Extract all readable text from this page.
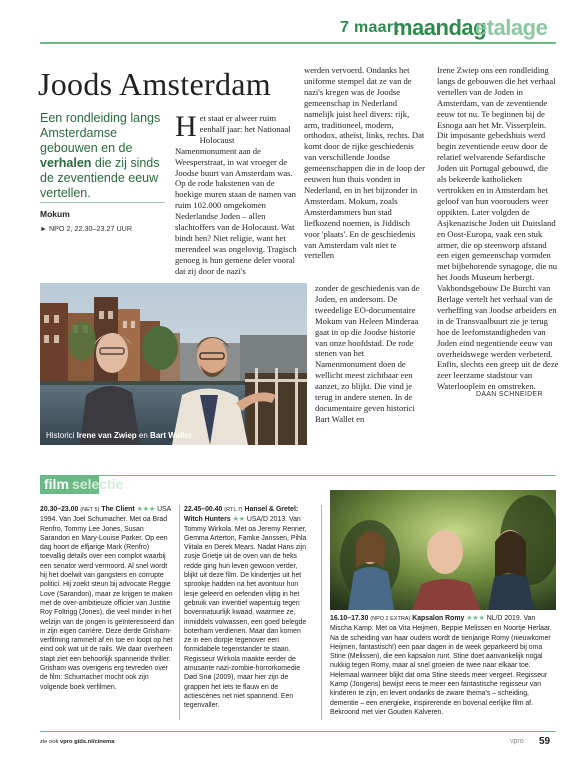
7 maart
maandag
etalage
Joods Amsterdam
Een rondleiding langs Amsterdamse gebouwen en de verhalen die zij sinds de zeventiende eeuw vertellen.
Mokum
► NPO 2, 22.30–23.27 UUR
Het staat er alweer ruim eenhalf jaar: het Nationaal Holocaust Namenmonument aan de Weesperstraat, in wat vroeger de Joodse buurt van Amsterdam was. Op de rode bakstenen van de hoekige muren staan de namen van ruim 102.000 omgekomen Nederlandse Joden – allen slachtoffers van de Holocaust. Wat bindt hen? Niet religie, want het merendeel was ongelovig. Tragisch genoeg is hun gemene deler vooral dat zij door de nazi's
werden vervoerd. Ondanks het uniforme stempel dat ze van de nazi's kregen was de Joodse gemeenschap in Nederland namelijk juist heel divers: rijk, arm, traditioneel, modern, orthodox, atheïst, links, rechts. Dat komt door de rijke geschiedenis van verschillende Joodse gemeenschappen die in de loop der eeuwen hun thuis vonden in Nederland, en in het bijzonder in Amsterdam. Mokum, zoals Amsterdammers hun stad liefkozend noemen, is Jiddisch voor 'plaats'. En de geschiedenis van Amsterdam valt niet te vertellen
zonder de geschiedenis van de Joden, en andersom. De tweedelige EO-documentaire Mokum van Heleen Minderaa gaat in op die Joodse historie van onze hoofdstad. De rode stenen van het Namenmonument doen de wellicht meest zichtbaar een aanzet, zo blijkt. Die vind je terug in andere stenen. In de documentaire geven historici Bart Wallet en
Irene Zwiep ons een rondleiding langs de gebouwen die het verhaal vertellen van de Joden in Amsterdam, van de zeventiende eeuw tot nu. Te beginnen bij de Esnoga aan het Mr. Visserplein. Dit imposante gebedshuis werd begin zeventiende eeuw door de relatief welvarende Sefardische Joden uit Portugal gebouwd, die als bekeerde katholieken vertrokken en in Amsterdam het geloof van hun voorouders weer oppikten. Later volgden de Asjkenazische Joden uit Duitsland en Oost-Europa, vaak een stuk armer, die op steenworp afstand een eigen gemeenschap vormden met bijbehorende synagoge, die nu het Joods Museum herbergt. Vakbondsgebouw De Burcht van Berlage vertelt het verhaal van de verheffing van Joodse arbeiders en in de Transvaalbuurt zie je terug hoe de leefomstandigheden van Joden eind negentiende eeuw van overheidswege werden verbeterd. Enfin, slechts een greep uit de deze zeer leerzame stadstour van Waterlooplein en omstreken.
DAAN SCHNEIDER
Historici Irene van Zwiep en Bart Wallet
film selectie
20.30–23.00 (NET 5) The Client ★★★ USA 1994. Van Joel Schumacher. Met oa Brad Renfro, Tommy Lee Jones, Susan Sarandon en Mary-Louise Parker. Op een dag hoort de elfjarige Mark (Renfro) toevallig details over een complot waarbij een senator werd vermoord. Al snel wordt hij het doelwit van gangsters en corrupte politici. Hij zoekt steun bij advocate Reggie Love (Sarandon), maar ze krijgen te maken met de over-ambitieuze officier van Justitie Roy Foltrigg (Jones), die veel minder in het welzijn van de jongen is geïnteresseerd dan in zijn eigen carrière. Deze derde Grisham-verfilming rammelt af en toe en loopt op het eind ook wat uit de rails. We daar overheen stapt ziet een behoorlijk spannende thriller. Grisham was overigens erg tevreden over de film: Schumacher mocht ook zijn volgende boek verfilmen.
22.45–00.40 (RTL 7) Hansel & Gretel: Witch Hunters ★★ USA/D 2013. Van Tommy Wirkola. Met oa Jeremy Renner, Gemma Arterton, Famke Janssen, Pihla Viitala en Derek Mears. Nadat Hans zijn zusje Grietje uit de oven van de heks redde ging hun leven gewoon verder, blijkt uit deze film. De kindertjes uit het sprookje hadden na het avontuur hun lesje geleerd en oefenden vlijtig in het gebruik van inventief wapentuig tegen bovennatuurlijk kwaad, waarmee ze, inmiddels volwassen, een goed belegde boterham verdienen. Maar dan komen ze in een dorpje tegenover een formidabele tegenstander te staan. Regisseur Wirkola maakte eerder de amusante nazi-zombie-horrorkomedie Død Snø (2009), maar hier zijn de grappen het iets te flauw en de actiescènes net niet spannend. Een tegenvaller.
16.10–17.30 (NPO 2 EXTRA) Kapsalon Romy ★★★ NL/D 2019. Van Mischa Kamp. Met oa Vita Heijmen, Beppie Melissen en Noortje Herlaar. Na de scheiding van haar ouders wordt de tienjarige Romy (nieuwkomer Heijmen, fantastisch!) een paar dagen in de week geparkeerd bij oma Stine (Melissen), die een kapsalon runt. Stine doet aanvankelijk nogal nukkig tegen Romy, maar al snel groeien de twee naar elkaar toe. Helemaal wanneer blijkt dat oma Stine steeds meer vergeet. Regisseur Kamp (Jongens) bewijst eens te meer een fantastische regisseur van kinderen te zijn, en levert ondanks de zware thema's – scheiding, dementie – een energieke, inspirerende en bovenal eerlijke film af. Bekroond met vier Gouden Kalveren.
zie ook vpro gids.nl/cinema	vpro 59
